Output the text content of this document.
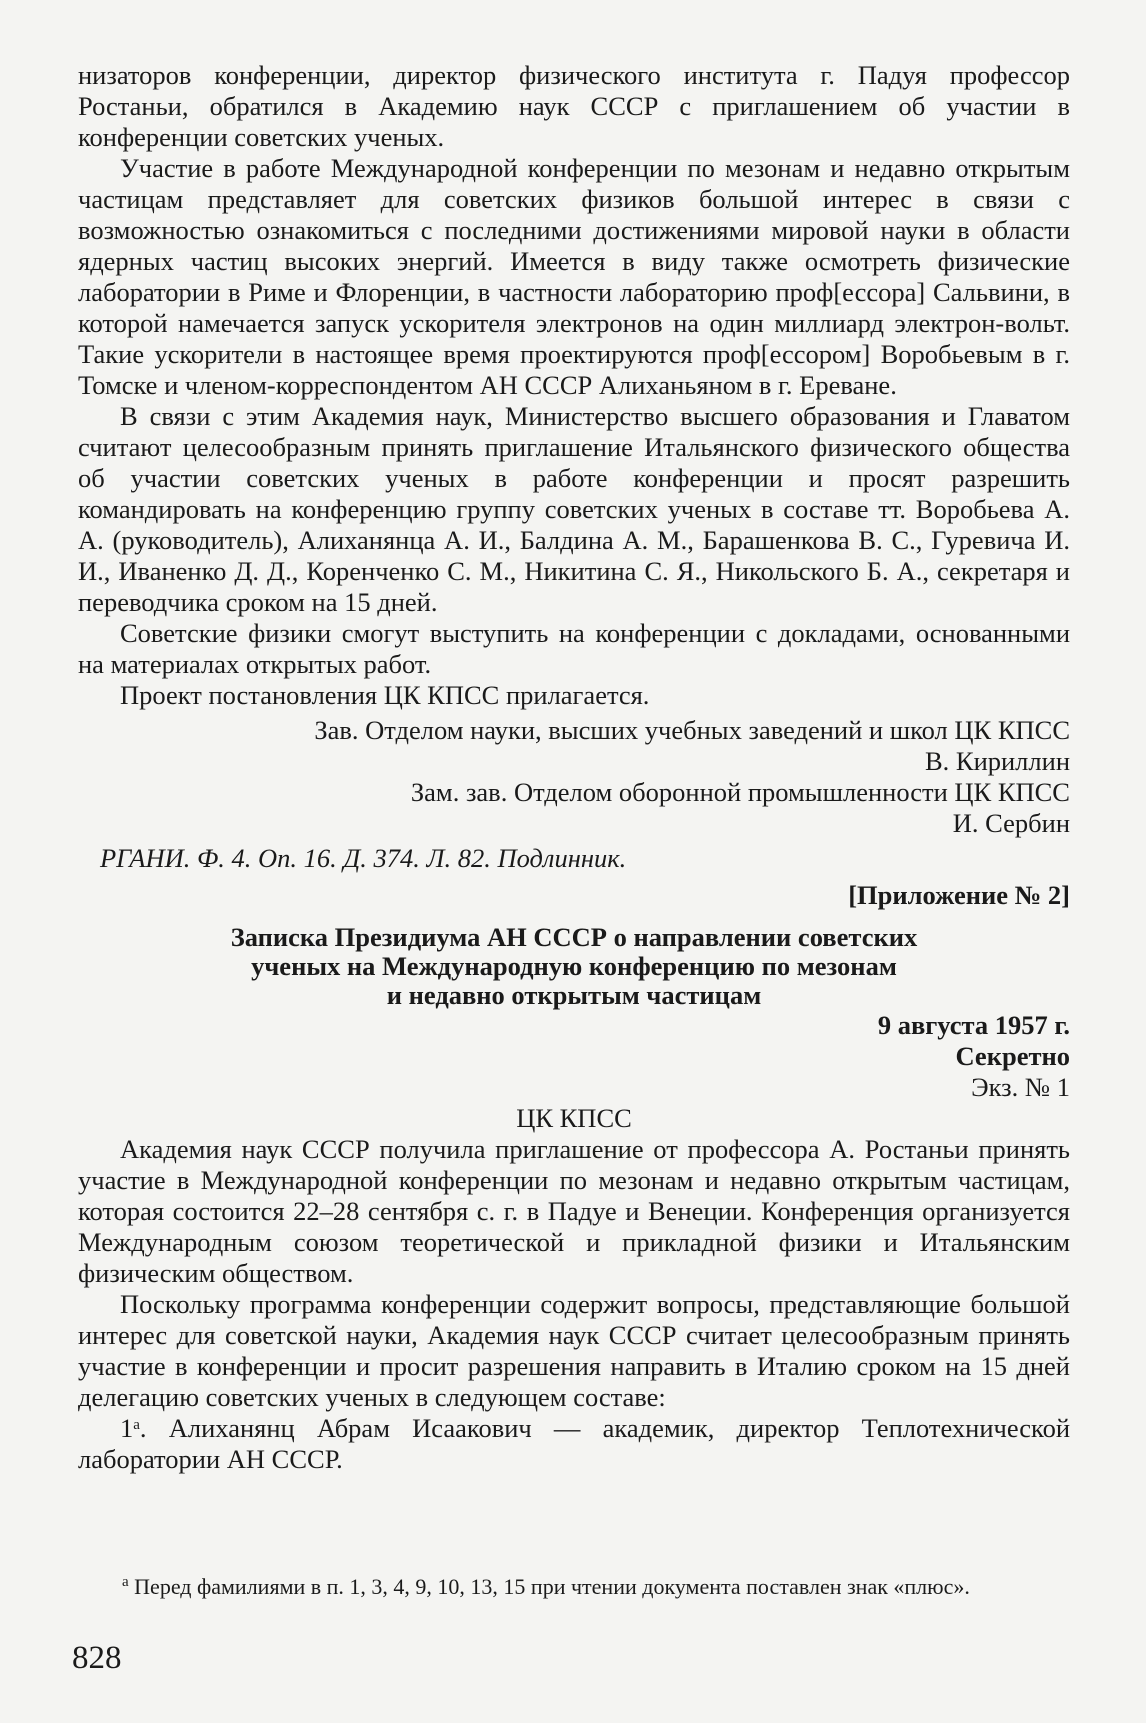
низаторов конференции, директор физического института г. Падуя профессор Ростаньи, обратился в Академию наук СССР с приглашением об участии в конференции советских ученых.

Участие в работе Международной конференции по мезонам и недавно открытым частицам представляет для советских физиков большой интерес в связи с возможностью ознакомиться с последними достижениями мировой науки в области ядерных частиц высоких энергий. Имеется в виду также осмотреть физические лаборатории в Риме и Флоренции, в частности лабораторию проф[ессора] Сальвини, в которой намечается запуск ускорителя электронов на один миллиард электрон-вольт. Такие ускорители в настоящее время проектируются проф[ессором] Воробьевым в г. Томске и членом-корреспондентом АН СССР Алиханьяном в г. Ереване.

В связи с этим Академия наук, Министерство высшего образования и Главатом считают целесообразным принять приглашение Итальянского физического общества об участии советских ученых в работе конференции и просят разрешить командировать на конференцию группу советских ученых в составе тт. Воробьева А. А. (руководитель), Алиханянца А. И., Балдина А. М., Барашенкова В. С., Гуревича И. И., Иваненко Д. Д., Коренченко С. М., Никитина С. Я., Никольского Б. А., секретаря и переводчика сроком на 15 дней.

Советские физики смогут выступить на конференции с докладами, основанными на материалах открытых работ.

Проект постановления ЦК КПСС прилагается.

Зав. Отделом науки, высших учебных заведений и школ ЦК КПСС

В. Кириллин

Зам. зав. Отделом оборонной промышленности ЦК КПСС

И. Сербин

РГАНИ. Ф. 4. Оп. 16. Д. 374. Л. 82. Подлинник.

[Приложение № 2]

Записка Президиума АН СССР о направлении советских

ученых на Международную конференцию по мезонам

и недавно открытым частицам

9 августа 1957 г.

Секретно

Экз. № 1

ЦК КПСС

Академия наук СССР получила приглашение от профессора А. Ростаньи принять участие в Международной конференции по мезонам и недавно открытым частицам, которая состоится 22–28 сентября с. г. в Падуе и Венеции. Конференция организуется Международным союзом теоретической и прикладной физики и Итальянским физическим обществом.

Поскольку программа конференции содержит вопросы, представляющие большой интерес для советской науки, Академия наук СССР считает целесообразным принять участие в конференции и просит разрешения направить в Италию сроком на 15 дней делегацию советских ученых в следующем составе:

$1^а$. Алиханянц Абрам Исаакович — академик, директор Теплотехнической лаборатории АН СССР.

$^а$ Перед фамилиями в п. 1, 3, 4, 9, 10, 13, 15 при чтении документа поставлен знак «плюс».

828
